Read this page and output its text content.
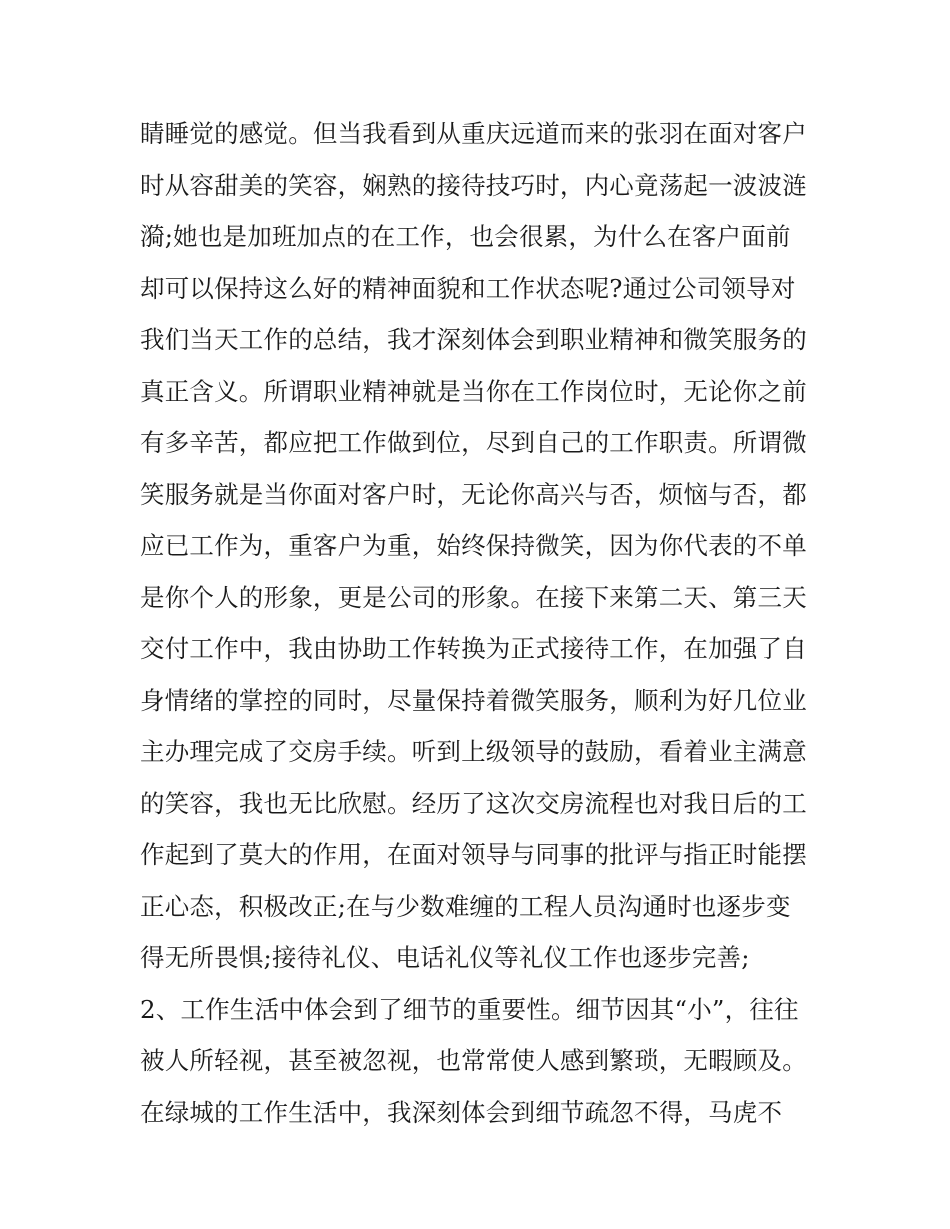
睛睡觉的感觉。但当我看到从重庆远道而来的张羽在面对客户
时从容甜美的笑容，娴熟的接待技巧时，内心竟荡起一波波涟
漪;她也是加班加点的在工作，也会很累，为什么在客户面前
却可以保持这么好的精神面貌和工作状态呢?通过公司领导对
我们当天工作的总结，我才深刻体会到职业精神和微笑服务的
真正含义。所谓职业精神就是当你在工作岗位时，无论你之前
有多辛苦，都应把工作做到位，尽到自己的工作职责。所谓微
笑服务就是当你面对客户时，无论你高兴与否，烦恼与否，都
应已工作为，重客户为重，始终保持微笑，因为你代表的不单
是你个人的形象，更是公司的形象。在接下来第二天、第三天
交付工作中，我由协助工作转换为正式接待工作，在加强了自
身情绪的掌控的同时，尽量保持着微笑服务，顺利为好几位业
主办理完成了交房手续。听到上级领导的鼓励，看着业主满意
的笑容，我也无比欣慰。经历了这次交房流程也对我日后的工
作起到了莫大的作用，在面对领导与同事的批评与指正时能摆
正心态，积极改正;在与少数难缠的工程人员沟通时也逐步变
得无所畏惧;接待礼仪、电话礼仪等礼仪工作也逐步完善;
2、工作生活中体会到了细节的重要性。细节因其“小”，往往
被人所轻视，甚至被忽视，也常常使人感到繁琐，无暇顾及。
在绿城的工作生活中，我深刻体会到细节疏忽不得，马虎不
